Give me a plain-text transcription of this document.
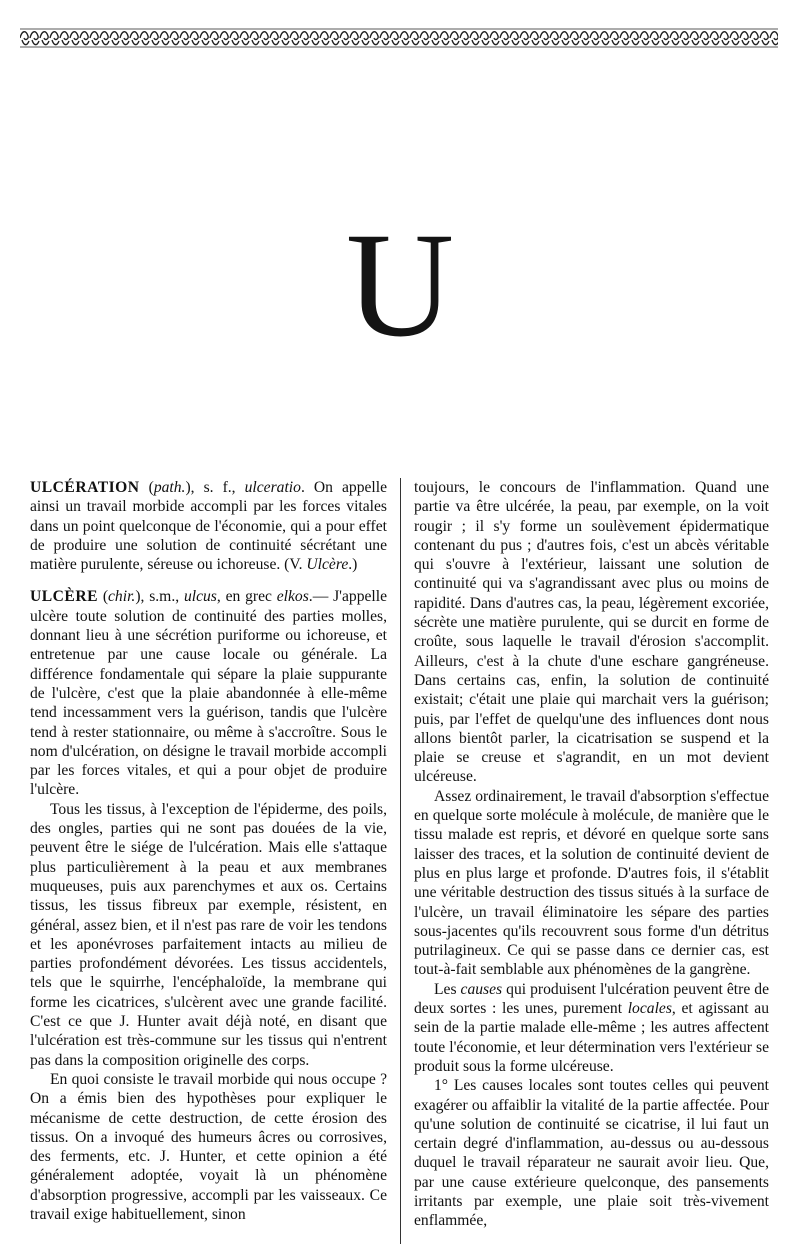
U

ULCÉRATION (path.), s. f., ulceratio. On appelle ainsi un travail morbide accompli par les forces vitales dans un point quelconque de l'économie, qui a pour effet de produire une solution de continuité sécrétant une matière purulente, séreuse ou ichoreuse. (V. Ulcère.)

ULCÈRE (chir.), s.m., ulcus, en grec elkos.— J'appelle ulcère toute solution de continuité des parties molles, donnant lieu à une sécrétion puriforme ou ichoreuse, et entretenue par une cause locale ou générale. La différence fondamentale qui sépare la plaie suppurante de l'ulcère, c'est que la plaie abandonnée à elle-même tend incessamment vers la guérison, tandis que l'ulcère tend à rester stationnaire, ou même à s'accroître. Sous le nom d'ulcération, on désigne le travail morbide accompli par les forces vitales, et qui a pour objet de produire l'ulcère.

Tous les tissus, à l'exception de l'épiderme, des poils, des ongles, parties qui ne sont pas douées de la vie, peuvent être le siége de l'ulcération. Mais elle s'attaque plus particulièrement à la peau et aux membranes muqueuses, puis aux parenchymes et aux os. Certains tissus, les tissus fibreux par exemple, résistent, en général, assez bien, et il n'est pas rare de voir les tendons et les aponévroses parfaitement intacts au milieu de parties profondément dévorées. Les tissus accidentels, tels que le squirrhe, l'encéphaloïde, la membrane qui forme les cicatrices, s'ulcèrent avec une grande facilité. C'est ce que J. Hunter avait déjà noté, en disant que l'ulcération est très-commune sur les tissus qui n'entrent pas dans la composition originelle des corps.

En quoi consiste le travail morbide qui nous occupe ? On a émis bien des hypothèses pour expliquer le mécanisme de cette destruction, de cette érosion des tissus. On a invoqué des humeurs âcres ou corrosives, des ferments, etc. J. Hunter, et cette opinion a été généralement adoptée, voyait là un phénomène d'absorption progressive, accompli par les vaisseaux. Ce travail exige habituellement, sinon

toujours, le concours de l'inflammation. Quand une partie va être ulcérée, la peau, par exemple, on la voit rougir ; il s'y forme un soulèvement épidermatique contenant du pus ; d'autres fois, c'est un abcès véritable qui s'ouvre à l'extérieur, laissant une solution de continuité qui va s'agrandissant avec plus ou moins de rapidité. Dans d'autres cas, la peau, légèrement excoriée, sécrète une matière purulente, qui se durcit en forme de croûte, sous laquelle le travail d'érosion s'accomplit. Ailleurs, c'est à la chute d'une eschare gangréneuse. Dans certains cas, enfin, la solution de continuité existait; c'était une plaie qui marchait vers la guérison; puis, par l'effet de quelqu'une des influences dont nous allons bientôt parler, la cicatrisation se suspend et la plaie se creuse et s'agrandit, en un mot devient ulcéreuse.

Assez ordinairement, le travail d'absorption s'effectue en quelque sorte molécule à molécule, de manière que le tissu malade est repris, et dévoré en quelque sorte sans laisser des traces, et la solution de continuité devient de plus en plus large et profonde. D'autres fois, il s'établit une véritable destruction des tissus situés à la surface de l'ulcère, un travail éliminatoire les sépare des parties sous-jacentes qu'ils recouvrent sous forme d'un détritus putrilagineux. Ce qui se passe dans ce dernier cas, est tout-à-fait semblable aux phénomènes de la gangrène.

Les causes qui produisent l'ulcération peuvent être de deux sortes : les unes, purement locales, et agissant au sein de la partie malade elle-même ; les autres affectent toute l'économie, et leur détermination vers l'extérieur se produit sous la forme ulcéreuse.

1° Les causes locales sont toutes celles qui peuvent exagérer ou affaiblir la vitalité de la partie affectée. Pour qu'une solution de continuité se cicatrise, il lui faut un certain degré d'inflammation, au-dessus ou au-dessous duquel le travail réparateur ne saurait avoir lieu. Que, par une cause extérieure quelconque, des pansements irritants par exemple, une plaie soit très-vivement enflammée,
